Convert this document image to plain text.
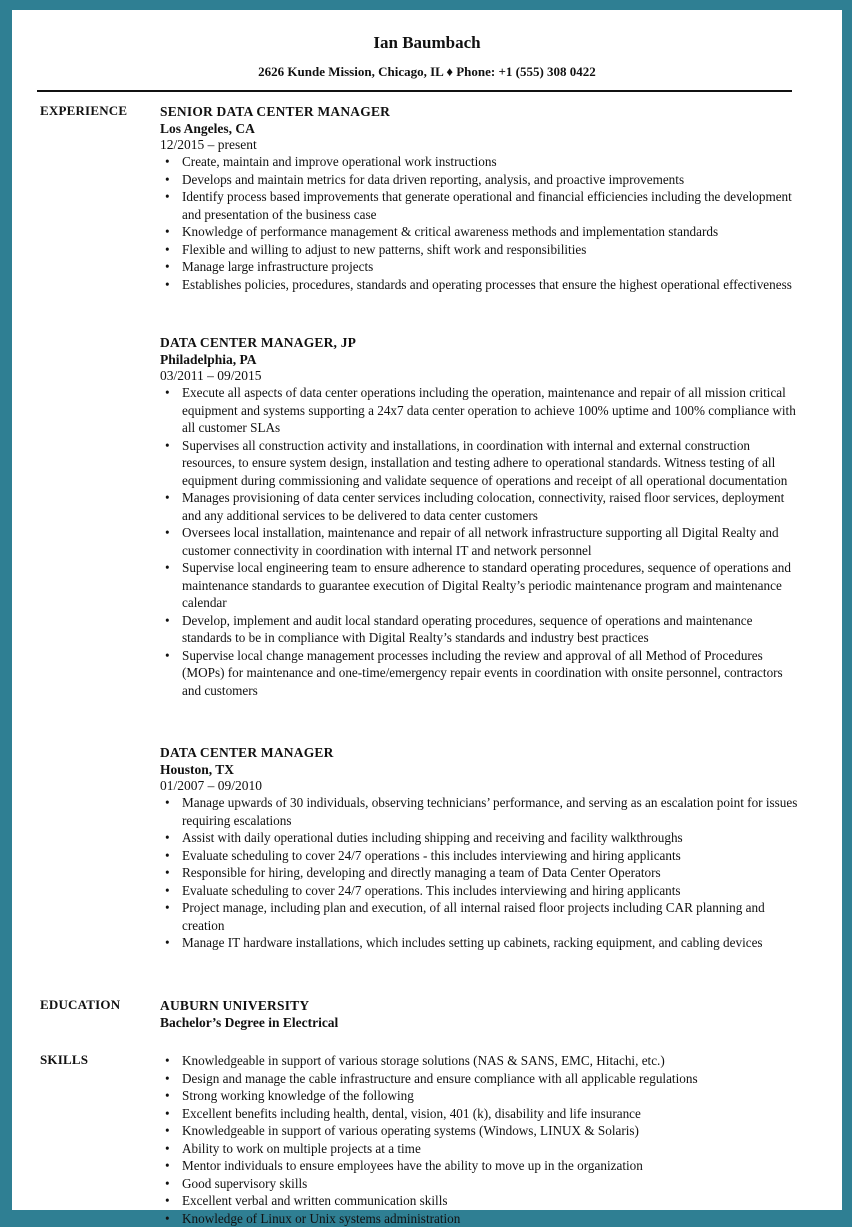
Ian Baumbach
2626 Kunde Mission, Chicago, IL ♦ Phone: +1 (555) 308 0422
EXPERIENCE SENIOR DATA CENTER MANAGER
Los Angeles, CA
12/2015 – present
• Create, maintain and improve operational work instructions
• Develops and maintain metrics for data driven reporting, analysis, and proactive improvements
• Identify process based improvements that generate operational and financial efficiencies including the development and presentation of the business case
• Knowledge of performance management & critical awareness methods and implementation standards
• Flexible and willing to adjust to new patterns, shift work and responsibilities
• Manage large infrastructure projects
• Establishes policies, procedures, standards and operating processes that ensure the highest operational effectiveness
DATA CENTER MANAGER, JP
Philadelphia, PA
03/2011 – 09/2015
• Execute all aspects of data center operations including the operation, maintenance and repair of all mission critical equipment and systems supporting a 24x7 data center operation to achieve 100% uptime and 100% compliance with all customer SLAs
• Supervises all construction activity and installations, in coordination with internal and external construction resources, to ensure system design, installation and testing adhere to operational standards. Witness testing of all equipment during commissioning and validate sequence of operations and receipt of all operational documentation
• Manages provisioning of data center services including colocation, connectivity, raised floor services, deployment and any additional services to be delivered to data center customers
• Oversees local installation, maintenance and repair of all network infrastructure supporting all Digital Realty and customer connectivity in coordination with internal IT and network personnel
• Supervise local engineering team to ensure adherence to standard operating procedures, sequence of operations and maintenance standards to guarantee execution of Digital Realty’s periodic maintenance program and maintenance calendar
• Develop, implement and audit local standard operating procedures, sequence of operations and maintenance standards to be in compliance with Digital Realty’s standards and industry best practices
• Supervise local change management processes including the review and approval of all Method of Procedures (MOPs) for maintenance and one-time/emergency repair events in coordination with onsite personnel, contractors and customers
DATA CENTER MANAGER
Houston, TX
01/2007 – 09/2010
• Manage upwards of 30 individuals, observing technicians’ performance, and serving as an escalation point for issues requiring escalations
• Assist with daily operational duties including shipping and receiving and facility walkthroughs
• Evaluate scheduling to cover 24/7 operations - this includes interviewing and hiring applicants
• Responsible for hiring, developing and directly managing a team of Data Center Operators
• Evaluate scheduling to cover 24/7 operations. This includes interviewing and hiring applicants
• Project manage, including plan and execution, of all internal raised floor projects including CAR planning and creation
• Manage IT hardware installations, which includes setting up cabinets, racking equipment, and cabling devices
EDUCATION	AUBURN UNIVERSITY
Bachelor’s Degree in Electrical
SKILLS
•	Knowledgeable in support of various storage solutions (NAS & SANS, EMC, Hitachi, etc.)
• Design and manage the cable infrastructure and ensure compliance with all applicable regulations
• Strong working knowledge of the following
• Excellent benefits including health, dental, vision, 401 (k), disability and life insurance
• Knowledgeable in support of various operating systems (Windows, LINUX & Solaris)
• Ability to work on multiple projects at a time
• Mentor individuals to ensure employees have the ability to move up in the organization
• Good supervisory skills
• Excellent verbal and written communication skills
• Knowledge of Linux or Unix systems administration
